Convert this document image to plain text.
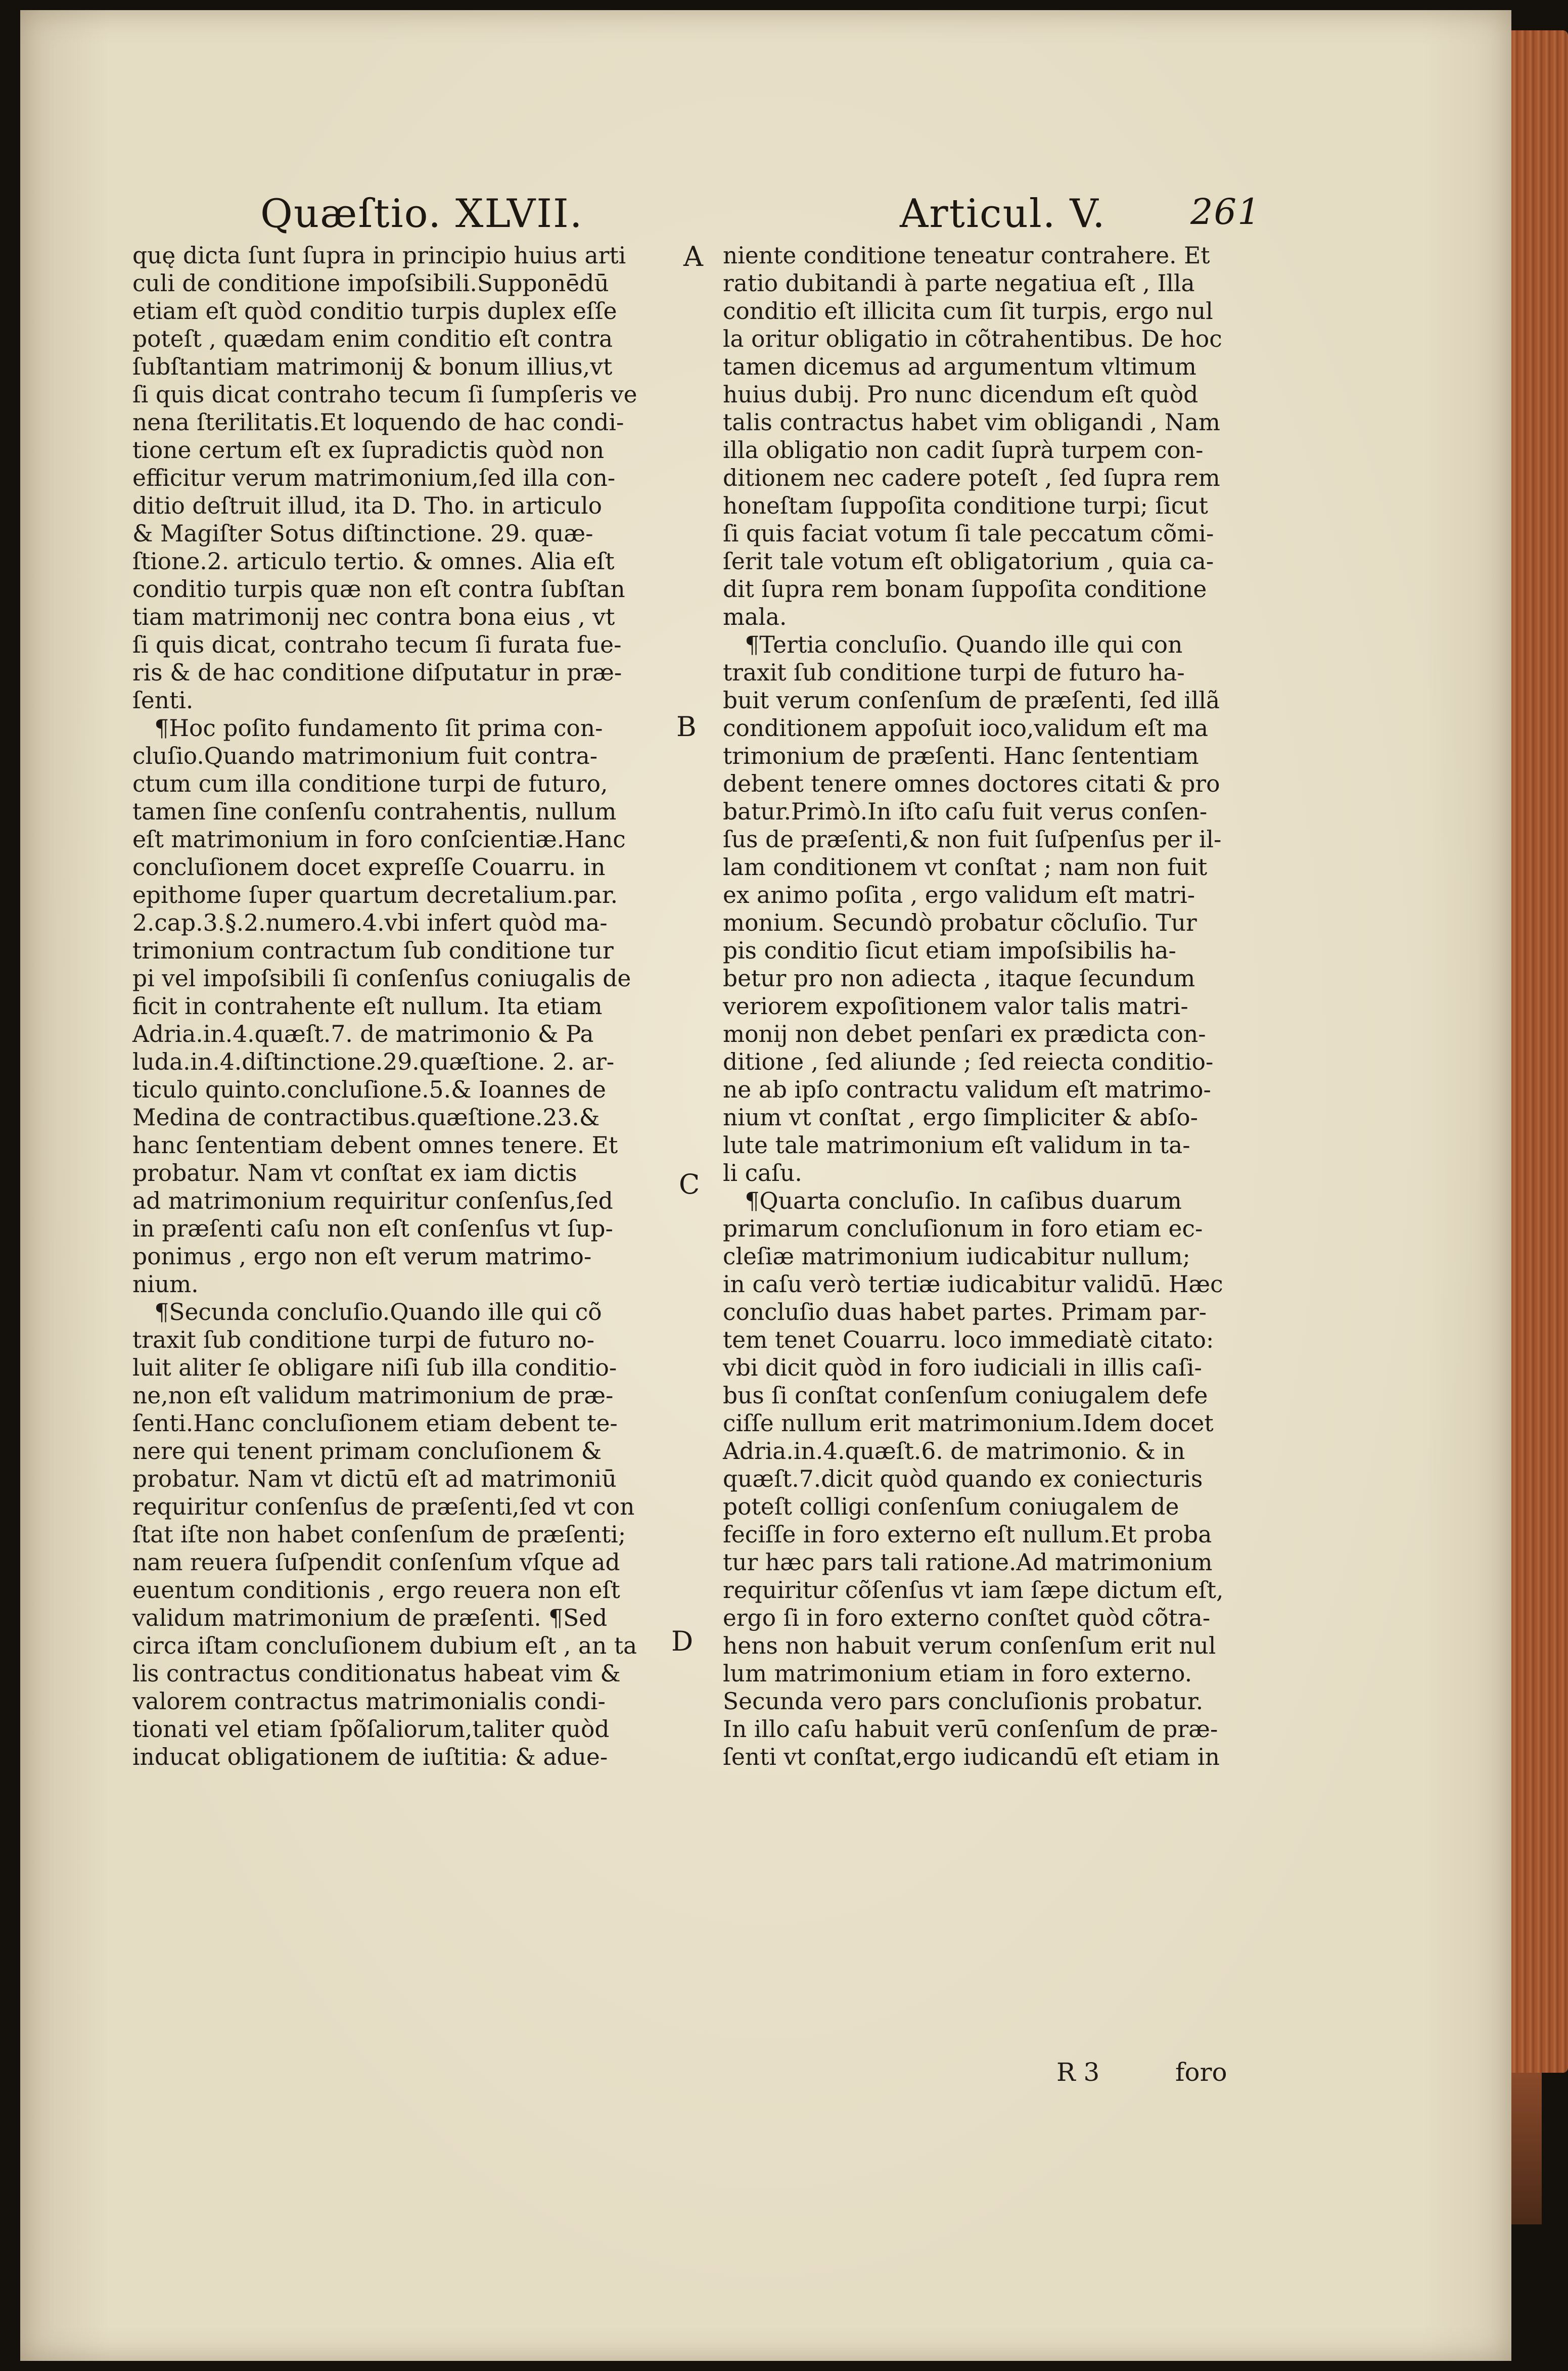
Quæſtio. XLVII.	Articul. V. 261
quę dicta ſunt ſupra in principio huius arti
culi de conditione impoſsibili.Supponēdū
etiam eſt quòd conditio turpis duplex eſſe
poteſt , quædam enim conditio eſt contra
ſubſtantiam matrimonij & bonum illius,vt
ſi quis dicat contraho tecum ſi ſumpſeris ve
nena ſterilitatis.Et loquendo de hac condi-
tione certum eſt ex ſupradictis quòd non
efficitur verum matrimonium,ſed illa con-
ditio deſtruit illud, ita D. Tho. in articulo
& Magiſter Sotus diſtinctione. 29. quæ-
ſtione.2. articulo tertio. & omnes. Alia eſt
conditio turpis quæ non eſt contra ſubſtan
tiam matrimonij nec contra bona eius , vt
ſi quis dicat, contraho tecum ſi furata fue-
ris & de hac conditione diſputatur in præ-
ſenti.
¶Hoc poſito fundamento ſit prima con-
cluſio.Quando matrimonium fuit contra-
ctum cum illa conditione turpi de futuro,
tamen ſine conſenſu contrahentis, nullum
eſt matrimonium in foro conſcientiæ.Hanc
concluſionem docet expreſſe Couarru. in
epithome ſuper quartum decretalium.par.
2.cap.3.§.2.numero.4.vbi infert quòd ma-
trimonium contractum ſub conditione tur
pi vel impoſsibili ſi conſenſus coniugalis de
ficit in contrahente eſt nullum. Ita etiam
Adria.in.4.quæſt.7. de matrimonio & Pa
luda.in.4.diſtinctione.29.quæſtione. 2. ar-
ticulo quinto.concluſione.5.& Ioannes de
Medina de contractibus.quæſtione.23.&
hanc ſententiam debent omnes tenere. Et
probatur. Nam vt conſtat ex iam dictis
ad matrimonium requiritur conſenſus,ſed
in præſenti caſu non eſt conſenſus vt ſup-
ponimus , ergo non eſt verum matrimo-
nium.
¶Secunda concluſio.Quando ille qui cõ
traxit ſub conditione turpi de futuro no-
luit aliter ſe obligare niſi ſub illa conditio-
ne,non eſt validum matrimonium de præ-
ſenti.Hanc concluſionem etiam debent te-
nere qui tenent primam concluſionem &
probatur. Nam vt dictū eſt ad matrimoniū
requiritur conſenſus de præſenti,ſed vt con
ſtat iſte non habet conſenſum de præſenti;
nam reuera ſuſpendit conſenſum vſque ad
euentum conditionis , ergo reuera non eſt
validum matrimonium de præſenti. ¶Sed
circa iſtam concluſionem dubium eſt , an ta
lis contractus conditionatus habeat vim &
valorem contractus matrimonialis condi-
tionati vel etiam ſpõſaliorum,taliter quòd
inducat obligationem de iuſtitia: & adue-
niente conditione teneatur contrahere. Et
ratio dubitandi à parte negatiua eſt , Illa
conditio eſt illicita cum ſit turpis, ergo nul
la oritur obligatio in cõtrahentibus. De hoc
tamen dicemus ad argumentum vltimum
huius dubij. Pro nunc dicendum eſt quòd
talis contractus habet vim obligandi , Nam
illa obligatio non cadit ſuprà turpem con-
ditionem nec cadere poteſt , ſed ſupra rem
honeſtam ſuppoſita conditione turpi; ſicut
ſi quis faciat votum ſi tale peccatum cõmi-
ſerit tale votum eſt obligatorium , quia ca-
dit ſupra rem bonam ſuppoſita conditione
mala.
¶Tertia concluſio. Quando ille qui con
traxit ſub conditione turpi de futuro ha-
buit verum conſenſum de præſenti, ſed illã
conditionem appoſuit ioco,validum eſt ma
trimonium de præſenti. Hanc ſententiam
debent tenere omnes doctores citati & pro
batur.Primò.In iſto caſu fuit verus conſen-
ſus de præſenti,& non fuit ſuſpenſus per il-
lam conditionem vt conſtat ; nam non fuit
ex animo poſita , ergo validum eſt matri-
monium. Secundò probatur cõcluſio. Tur
pis conditio ſicut etiam impoſsibilis ha-
betur pro non adiecta , itaque ſecundum
veriorem expoſitionem valor talis matri-
monij non debet penſari ex prædicta con-
ditione , ſed aliunde ; ſed reiecta conditio-
ne ab ipſo contractu validum eſt matrimo-
nium vt conſtat , ergo ſimpliciter & abſo-
lute tale matrimonium eſt validum in ta-
li caſu.
¶Quarta concluſio. In caſibus duarum
primarum concluſionum in foro etiam ec-
cleſiæ matrimonium iudicabitur nullum;
in caſu verò tertiæ iudicabitur validū. Hæc
concluſio duas habet partes. Primam par-
tem tenet Couarru. loco immediatè citato:
vbi dicit quòd in foro iudiciali in illis caſi-
bus ſi conſtat conſenſum coniugalem defe
ciſſe nullum erit matrimonium.Idem docet
Adria.in.4.quæſt.6. de matrimonio. & in
quæſt.7.dicit quòd quando ex coniecturis
poteſt colligi conſenſum coniugalem de
feciſſe in foro externo eſt nullum.Et proba
tur hæc pars tali ratione.Ad matrimonium
requiritur cõſenſus vt iam ſæpe dictum eſt,
ergo ſi in foro externo conſtet quòd cõtra-
hens non habuit verum conſenſum erit nul
lum matrimonium etiam in foro externo.
Secunda vero pars concluſionis probatur.
In illo caſu habuit verū conſenſum de præ-
ſenti vt conſtat,ergo iudicandū eſt etiam in
A
B
C
D
R 3	foro
